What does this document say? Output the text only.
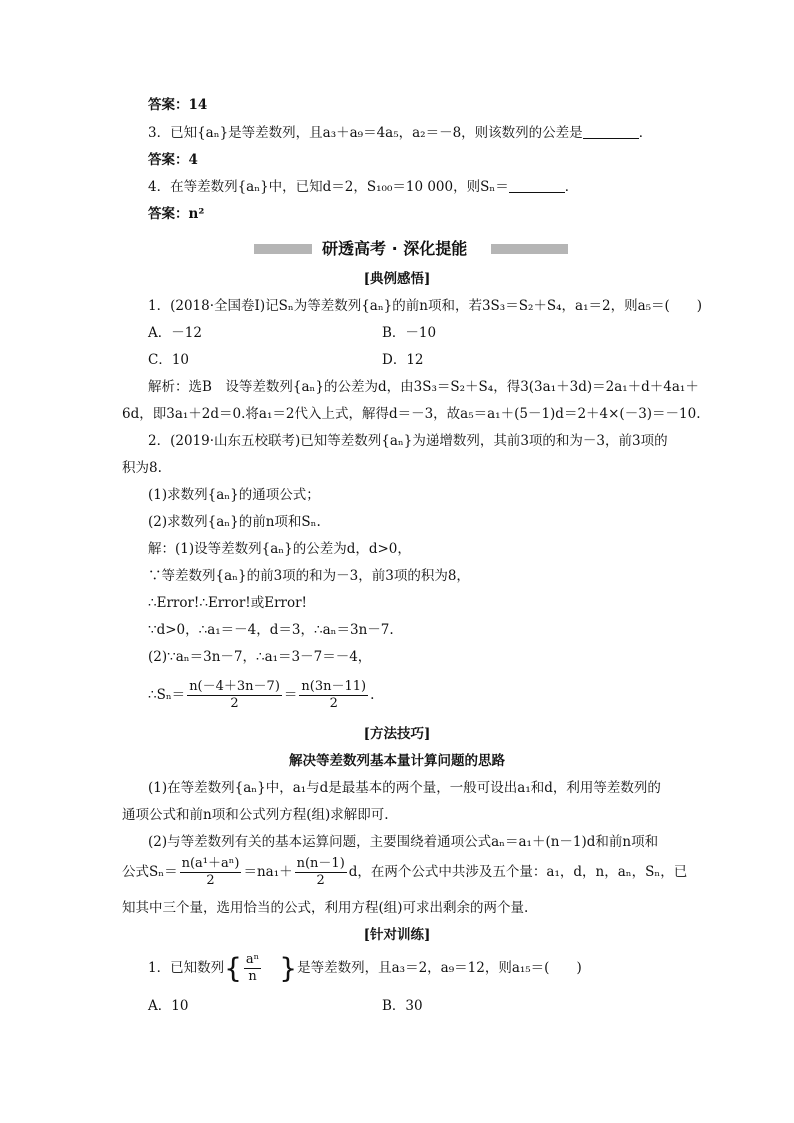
答案：14
3．已知{aₙ}是等差数列，且a₃＋a₉＝4a₅，a₂＝－8，则该数列的公差是	．
答案：4
4．在等差数列{aₙ}中，已知d＝2，S₁₀₀＝10 000，则Sₙ＝	．
答案：n²
研透高考 · 深化提能
[典例感悟]
1．(2018·全国卷Ⅰ)记Sₙ为等差数列{aₙ}的前n项和，若3S₃＝S₂＋S₄，a₁＝2，则a₅＝(　　)
A．－12	B．－10
C．10	D．12
解析：选B　设等差数列{aₙ}的公差为d，由3S₃＝S₂＋S₄，得3(3a₁＋3d)＝2a₁＋d＋4a₁＋
6d，即3a₁＋2d＝0.将a₁＝2代入上式，解得d＝－3，故a₅＝a₁＋(5－1)d＝2＋4×(－3)＝－10.
2．(2019·山东五校联考)已知等差数列{aₙ}为递增数列，其前3项的和为－3，前3项的
积为8.
(1)求数列{aₙ}的通项公式；
(2)求数列{aₙ}的前n项和Sₙ.
解：(1)设等差数列{aₙ}的公差为d，d>0，
∵等差数列{aₙ}的前3项的和为－3，前3项的积为8，
∴Error!∴Error!或Error!
∵d>0，∴a₁＝－4，d＝3，∴aₙ＝3n－7.
(2)∵aₙ＝3n－7，∴a₁＝3－7＝－4，
∴Sₙ＝ $\frac{n(-4+3n-7)}{2} = \frac{n(3n-11)}{2}$ .
[方法技巧]
解决等差数列基本量计算问题的思路
(1)在等差数列{aₙ}中，a₁与d是最基本的两个量，一般可设出a₁和d，利用等差数列的
通项公式和前n项和公式列方程(组)求解即可.
(2)与等差数列有关的基本运算问题，主要围绕着通项公式aₙ＝a₁＋(n－1)d和前n项和
公式$S_n= \frac{\text{n(a¹＋aⁿ)}}{2} =na_1+ \frac{n(n-1)}{2}$ d，在两个公式中共涉及五个量：a₁，d，n，aₙ，Sₙ，已
知其中三个量，选用恰当的公式，利用方程(组)可求出剩余的两个量.
[针对训练]
1．已知数列{ $\frac{\text{aⁿ}}{n}$ }是等差数列，且a₃＝2，a₉＝12，则a₁₅＝(　　)
A．10	B．30
